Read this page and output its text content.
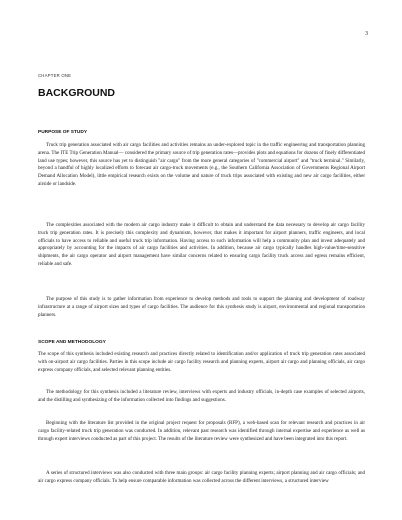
3
CHAPTER ONE
BACKGROUND
PURPOSE OF STUDY

Truck trip generation associated with air cargo facilities and activities remains an under-explored topic in the traffic engineering and transportation planning arena. The ITE Trip Generation Manual— considered the primary source of trip generation rates—provides plots and equations for dozens of finely differentiated land use types; however, this source has yet to distinguish "air cargo" from the more general categories of "commercial airport" and "truck terminal." Similarly, beyond a handful of highly localized efforts to forecast air cargo-truck movements (e.g., the Southern California Association of Governments Regional Airport Demand Allocation Model), little empirical research exists on the volume and nature of truck trips associated with existing and new air cargo facilities, either airside or landside.

The complexities associated with the modern air cargo industry make it difficult to obtain and understand the data necessary to develop air cargo facility truck trip generation rates. It is precisely this complexity and dynamism, however, that makes it important for airport planners, traffic engineers, and local officials to have access to reliable and useful truck trip information. Having access to such information will help a community plan and invest adequately and appropriately by accounting for the impacts of air cargo facilities and activities. In addition, because air cargo typically handles high-value/time-sensitive shipments, the air cargo operator and airport management have similar concerns related to ensuring cargo facility truck access and egress remains efficient, reliable and safe.

The purpose of this study is to gather information from experience to develop methods and tools to support the planning and development of roadway infrastructure at a range of airport sizes and types of cargo facilities. The audience for this synthesis study is airport, environmental and regional transportation planners.

SCOPE AND METHODOLOGY

The scope of this synthesis included existing research and practices directly related to identification and/or application of truck trip generation rates associated with on-airport air cargo facilities. Parties in this scope include air cargo facility research and planning experts, airport air cargo and planning officials, air cargo express company officials, and selected relevant planning entities.

The methodology for this synthesis included a literature review, interviews with experts and industry officials, in-depth case examples of selected airports, and the distilling and synthesizing of the information collected into findings and suggestions.

Beginning with the literature list provided in the original project request for proposals (RFP), a web-based scan for relevant research and practices in air cargo facility-related truck trip generation was conducted. In addition, relevant past research was identified through internal expertise and experience as well as through expert interviews conducted as part of this project. The results of the literature review were synthesized and have been integrated into this report.

A series of structured interviews was also conducted with three main groups: air cargo facility planning experts; airport planning and air cargo officials; and air cargo express company officials. To help ensure comparable information was collected across the different interviews, a structured interview
